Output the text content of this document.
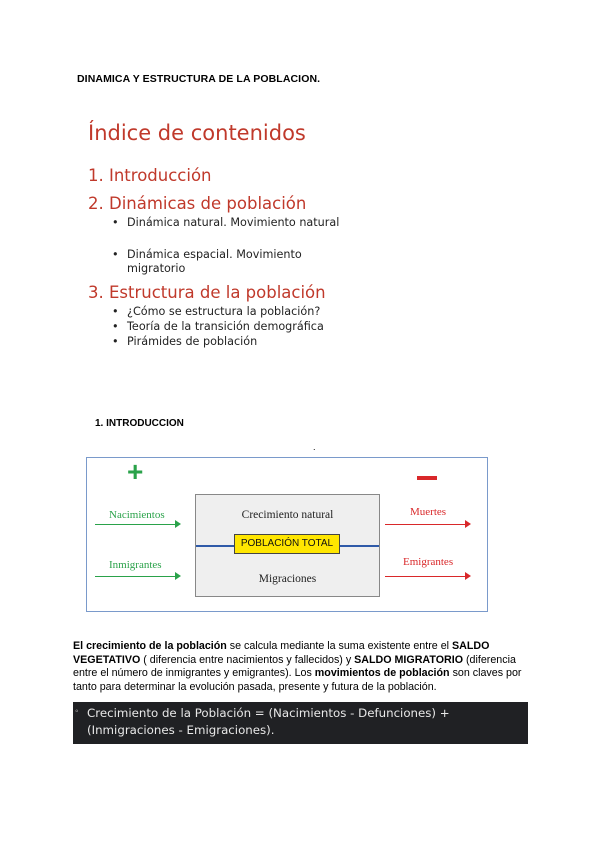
DINAMICA Y ESTRUCTURA DE LA POBLACION.
Índice de contenidos
1. Introducción
2. Dinámicas de población
• Dinámica natural. Movimiento natural
• Dinámica espacial. Movimiento migratorio
3. Estructura de la población
• ¿Cómo se estructura la población?
• Teoría de la transición demográfica
• Pirámides de población
1. INTRODUCCION
.
+
Nacimientos
Inmigrantes
Crecimiento natural
POBLACIÓN TOTAL
Migraciones
Muertes
Emigrantes
El crecimiento de la población se calcula mediante la suma existente entre el SALDO VEGETATIVO ( diferencia entre nacimientos y fallecidos) y SALDO MIGRATORIO (diferencia entre el número de inmigrantes y emigrantes). Los movimientos de población son claves por tanto para determinar la evolución pasada, presente y futura de la población.
◦ Crecimiento de la Población = (Nacimientos - Defunciones) + (Inmigraciones - Emigraciones).
